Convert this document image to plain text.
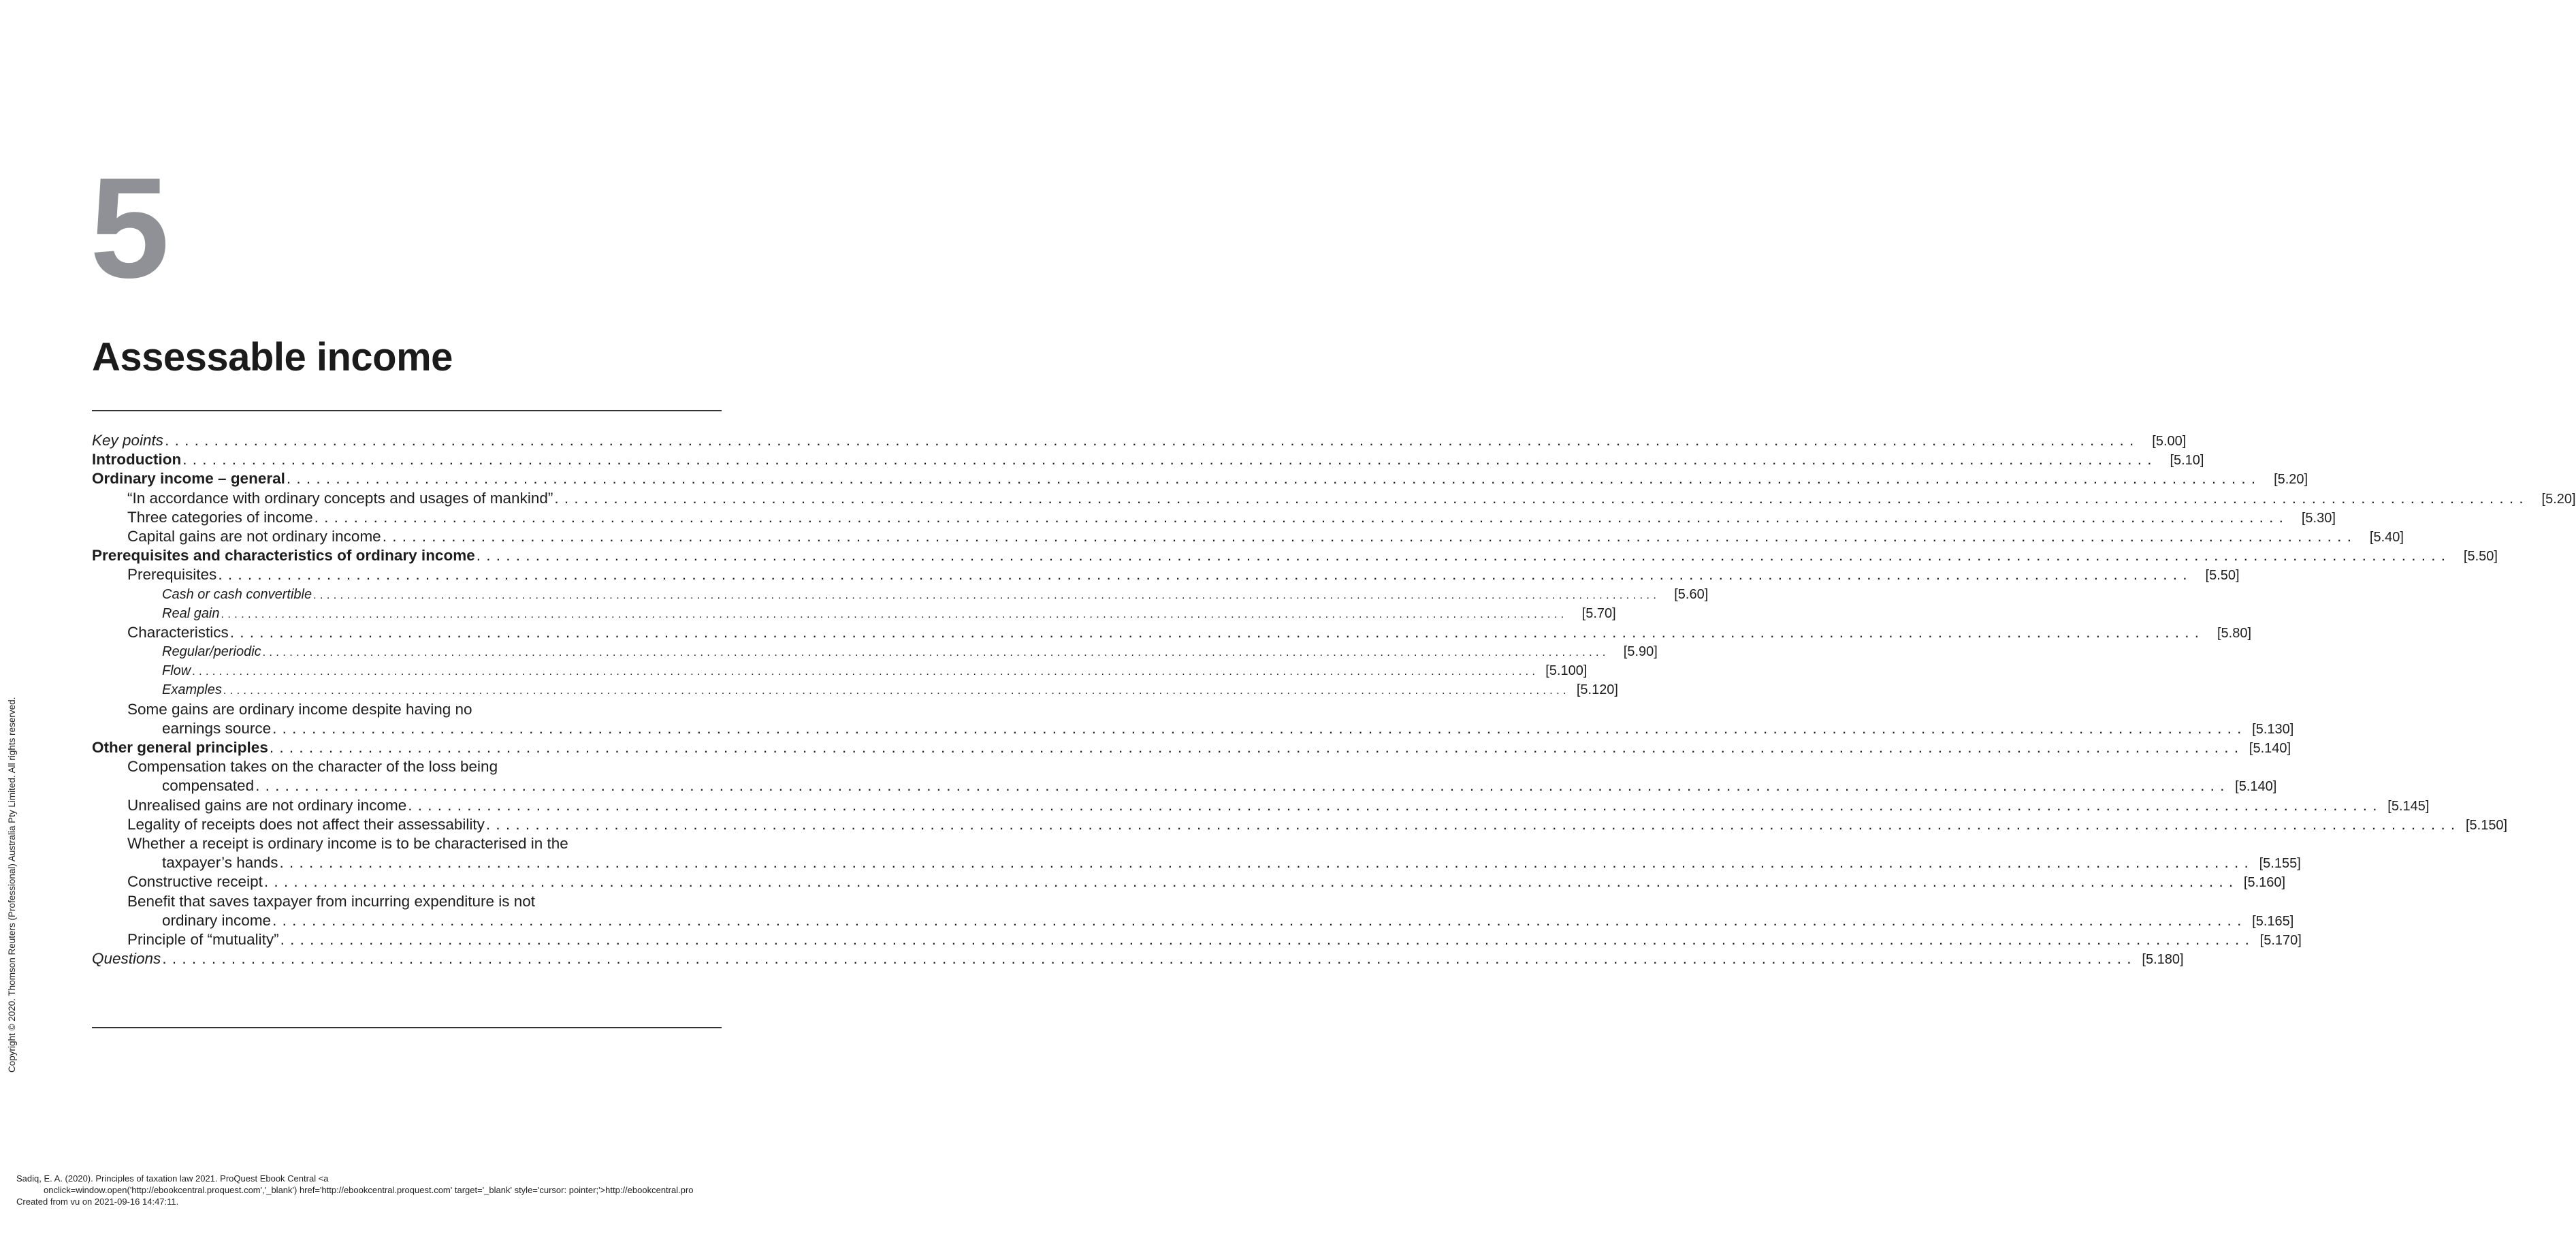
5
Assessable income
Key points . . . . . . . . . . . . . . . . . . . . . . . . . . . . . . . . . . . . . . . . . . . . . . . . . . . . . . . . . . . . . . . . . . . . . . . . . . . . . . . . . . . . . . . . . . . . . . . . . . . . . . . . . . . . . . . . . . . . . . . . . . . . . . . . . . . . . . . . . . . . . . . . . . . . . . . . . . . . . . . . . . . . . . . . . . . . . . . . . . . . . . . . . . . . . . . . . . . . . . . .	[5.00]
Introduction . . . . . . . . . . . . . . . . . . . . . . . . . . . . . . . . . . . . . . . . . . . . . . . . . . . . . . . . . . . . . . . . . . . . . . . . . . . . . . . . . . . . . . . . . . . . . . . . . . . . . . . . . . . . . . . . . . . . . . . . . . . . . . . . . . . . . . . . . . . . . . . . . . . . . . . . . . . . . . . . . . . . . . . . . . . . . . . . . . . . . . . . . . . . . . . . . . . . . . . .	[5.10]
Ordinary income – general . . . . . . . . . . . . . . . . . . . . . . . . . . . . . . . . . . . . . . . . . . . . . . . . . . . . . . . . . . . . . . . . . . . . . . . . . . . . . . . . . . . . . . . . . . . . . . . . . . . . . . . . . . . . . . . . . . . . . . . . . . . . . . . . . . . . . . . . . . . . . . . . . . . . . . . . . . . . . . . . . . . . . . . . . . . . . . . . . . . . . . . . . . . . . . . . . . . . . . . .	[5.20]
“In accordance with ordinary concepts and usages of mankind” . . . . . . . . . . . . . . . . . . . . . . . . . . . . . . . . . . . . . . . . . . . . . . . . . . . . . . . . . . . . . . . . . . . . . . . . . . . . . . . . . . . . . . . . . . . . . . . . . . . . . . . . . . . . . . . . . . . . . . . . . . . . . . . . . . . . . . . . . . . . . . . . . . . . . . . . . . . . . . . . . . . . . . . . . . . . . . . . . . . . . . . . . . . . . . . . . . . . . . . .	[5.20]
Three categories of income . . . . . . . . . . . . . . . . . . . . . . . . . . . . . . . . . . . . . . . . . . . . . . . . . . . . . . . . . . . . . . . . . . . . . . . . . . . . . . . . . . . . . . . . . . . . . . . . . . . . . . . . . . . . . . . . . . . . . . . . . . . . . . . . . . . . . . . . . . . . . . . . . . . . . . . . . . . . . . . . . . . . . . . . . . . . . . . . . . . . . . . . . . . . . . . . . . . . . . . .	[5.30]
Capital gains are not ordinary income . . . . . . . . . . . . . . . . . . . . . . . . . . . . . . . . . . . . . . . . . . . . . . . . . . . . . . . . . . . . . . . . . . . . . . . . . . . . . . . . . . . . . . . . . . . . . . . . . . . . . . . . . . . . . . . . . . . . . . . . . . . . . . . . . . . . . . . . . . . . . . . . . . . . . . . . . . . . . . . . . . . . . . . . . . . . . . . . . . . . . . . . . . . . . . . . . . . . . . . .	[5.40]
Prerequisites and characteristics of ordinary income . . . . . . . . . . . . . . . . . . . . . . . . . . . . . . . . . . . . . . . . . . . . . . . . . . . . . . . . . . . . . . . . . . . . . . . . . . . . . . . . . . . . . . . . . . . . . . . . . . . . . . . . . . . . . . . . . . . . . . . . . . . . . . . . . . . . . . . . . . . . . . . . . . . . . . . . . . . . . . . . . . . . . . . . . . . . . . . . . . . . . . . . . . . . . . . . . . . . . . . .	[5.50]
Prerequisites . . . . . . . . . . . . . . . . . . . . . . . . . . . . . . . . . . . . . . . . . . . . . . . . . . . . . . . . . . . . . . . . . . . . . . . . . . . . . . . . . . . . . . . . . . . . . . . . . . . . . . . . . . . . . . . . . . . . . . . . . . . . . . . . . . . . . . . . . . . . . . . . . . . . . . . . . . . . . . . . . . . . . . . . . . . . . . . . . . . . . . . . . . . . . . . . . . . . . . . .	[5.50]
Cash or cash convertible . . . . . . . . . . . . . . . . . . . . . . . . . . . . . . . . . . . . . . . . . . . . . . . . . . . . . . . . . . . . . . . . . . . . . . . . . . . . . . . . . . . . . . . . . . . . . . . . . . . . . . . . . . . . . . . . . . . . . . . . . . . . . . . . . . . . . . . . . . . . . . . . . . . . . . . . . . . . . . . . . . . . . . . . . . . . . . . . . . . . . . . . . . . . . . . . . . . . . . . .	[5.60]
Real gain . . . . . . . . . . . . . . . . . . . . . . . . . . . . . . . . . . . . . . . . . . . . . . . . . . . . . . . . . . . . . . . . . . . . . . . . . . . . . . . . . . . . . . . . . . . . . . . . . . . . . . . . . . . . . . . . . . . . . . . . . . . . . . . . . . . . . . . . . . . . . . . . . . . . . . . . . . . . . . . . . . . . . . . . . . . . . . . . . . . . . . . . . . . . . . . . . . . . . . . .	[5.70]
Characteristics . . . . . . . . . . . . . . . . . . . . . . . . . . . . . . . . . . . . . . . . . . . . . . . . . . . . . . . . . . . . . . . . . . . . . . . . . . . . . . . . . . . . . . . . . . . . . . . . . . . . . . . . . . . . . . . . . . . . . . . . . . . . . . . . . . . . . . . . . . . . . . . . . . . . . . . . . . . . . . . . . . . . . . . . . . . . . . . . . . . . . . . . . . . . . . . . . . . . . . . .	[5.80]
Regular/periodic . . . . . . . . . . . . . . . . . . . . . . . . . . . . . . . . . . . . . . . . . . . . . . . . . . . . . . . . . . . . . . . . . . . . . . . . . . . . . . . . . . . . . . . . . . . . . . . . . . . . . . . . . . . . . . . . . . . . . . . . . . . . . . . . . . . . . . . . . . . . . . . . . . . . . . . . . . . . . . . . . . . . . . . . . . . . . . . . . . . . . . . . . . . . . . . . . . . . . . . .	[5.90]
Flow . . . . . . . . . . . . . . . . . . . . . . . . . . . . . . . . . . . . . . . . . . . . . . . . . . . . . . . . . . . . . . . . . . . . . . . . . . . . . . . . . . . . . . . . . . . . . . . . . . . . . . . . . . . . . . . . . . . . . . . . . . . . . . . . . . . . . . . . . . . . . . . . . . . . . . . . . . . . . . . . . . . . . . . . . . . . . . . . . . . . . . . . . . . . . . . . . . . . . . . . [5.100]
Examples . . . . . . . . . . . . . . . . . . . . . . . . . . . . . . . . . . . . . . . . . . . . . . . . . . . . . . . . . . . . . . . . . . . . . . . . . . . . . . . . . . . . . . . . . . . . . . . . . . . . . . . . . . . . . . . . . . . . . . . . . . . . . . . . . . . . . . . . . . . . . . . . . . . . . . . . . . . . . . . . . . . . . . . . . . . . . . . . . . . . . . . . . . . . . . . . . . . . . . . . [5.120]
Some gains are ordinary income despite having no
earnings source . . . . . . . . . . . . . . . . . . . . . . . . . . . . . . . . . . . . . . . . . . . . . . . . . . . . . . . . . . . . . . . . . . . . . . . . . . . . . . . . . . . . . . . . . . . . . . . . . . . . . . . . . . . . . . . . . . . . . . . . . . . . . . . . . . . . . . . . . . . . . . . . . . . . . . . . . . . . . . . . . . . . . . . . . . . . . . . . . . . . . . . . . . . . . . . . . . . . . . . . [5.130]
Other general principles . . . . . . . . . . . . . . . . . . . . . . . . . . . . . . . . . . . . . . . . . . . . . . . . . . . . . . . . . . . . . . . . . . . . . . . . . . . . . . . . . . . . . . . . . . . . . . . . . . . . . . . . . . . . . . . . . . . . . . . . . . . . . . . . . . . . . . . . . . . . . . . . . . . . . . . . . . . . . . . . . . . . . . . . . . . . . . . . . . . . . . . . . . . . . . . . . . . . . . . . [5.140]
Compensation takes on the character of the loss being
compensated . . . . . . . . . . . . . . . . . . . . . . . . . . . . . . . . . . . . . . . . . . . . . . . . . . . . . . . . . . . . . . . . . . . . . . . . . . . . . . . . . . . . . . . . . . . . . . . . . . . . . . . . . . . . . . . . . . . . . . . . . . . . . . . . . . . . . . . . . . . . . . . . . . . . . . . . . . . . . . . . . . . . . . . . . . . . . . . . . . . . . . . . . . . . . . . . . . . . . . . . [5.140]
Unrealised gains are not ordinary income . . . . . . . . . . . . . . . . . . . . . . . . . . . . . . . . . . . . . . . . . . . . . . . . . . . . . . . . . . . . . . . . . . . . . . . . . . . . . . . . . . . . . . . . . . . . . . . . . . . . . . . . . . . . . . . . . . . . . . . . . . . . . . . . . . . . . . . . . . . . . . . . . . . . . . . . . . . . . . . . . . . . . . . . . . . . . . . . . . . . . . . . . . . . . . . . . . . . . . . . [5.145]
Legality of receipts does not affect their assessability . . . . . . . . . . . . . . . . . . . . . . . . . . . . . . . . . . . . . . . . . . . . . . . . . . . . . . . . . . . . . . . . . . . . . . . . . . . . . . . . . . . . . . . . . . . . . . . . . . . . . . . . . . . . . . . . . . . . . . . . . . . . . . . . . . . . . . . . . . . . . . . . . . . . . . . . . . . . . . . . . . . . . . . . . . . . . . . . . . . . . . . . . . . . . . . . . . . . . . . . [5.150]
Whether a receipt is ordinary income is to be characterised in the
taxpayer’s hands . . . . . . . . . . . . . . . . . . . . . . . . . . . . . . . . . . . . . . . . . . . . . . . . . . . . . . . . . . . . . . . . . . . . . . . . . . . . . . . . . . . . . . . . . . . . . . . . . . . . . . . . . . . . . . . . . . . . . . . . . . . . . . . . . . . . . . . . . . . . . . . . . . . . . . . . . . . . . . . . . . . . . . . . . . . . . . . . . . . . . . . . . . . . . . . . . . . . . . . . [5.155]
Constructive receipt . . . . . . . . . . . . . . . . . . . . . . . . . . . . . . . . . . . . . . . . . . . . . . . . . . . . . . . . . . . . . . . . . . . . . . . . . . . . . . . . . . . . . . . . . . . . . . . . . . . . . . . . . . . . . . . . . . . . . . . . . . . . . . . . . . . . . . . . . . . . . . . . . . . . . . . . . . . . . . . . . . . . . . . . . . . . . . . . . . . . . . . . . . . . . . . . . . . . . . . . [5.160]
Benefit that saves taxpayer from incurring expenditure is not
ordinary income . . . . . . . . . . . . . . . . . . . . . . . . . . . . . . . . . . . . . . . . . . . . . . . . . . . . . . . . . . . . . . . . . . . . . . . . . . . . . . . . . . . . . . . . . . . . . . . . . . . . . . . . . . . . . . . . . . . . . . . . . . . . . . . . . . . . . . . . . . . . . . . . . . . . . . . . . . . . . . . . . . . . . . . . . . . . . . . . . . . . . . . . . . . . . . . . . . . . . . . . [5.165]
Principle of “mutuality” . . . . . . . . . . . . . . . . . . . . . . . . . . . . . . . . . . . . . . . . . . . . . . . . . . . . . . . . . . . . . . . . . . . . . . . . . . . . . . . . . . . . . . . . . . . . . . . . . . . . . . . . . . . . . . . . . . . . . . . . . . . . . . . . . . . . . . . . . . . . . . . . . . . . . . . . . . . . . . . . . . . . . . . . . . . . . . . . . . . . . . . . . . . . . . . . . . . . . . . . [5.170]
Questions . . . . . . . . . . . . . . . . . . . . . . . . . . . . . . . . . . . . . . . . . . . . . . . . . . . . . . . . . . . . . . . . . . . . . . . . . . . . . . . . . . . . . . . . . . . . . . . . . . . . . . . . . . . . . . . . . . . . . . . . . . . . . . . . . . . . . . . . . . . . . . . . . . . . . . . . . . . . . . . . . . . . . . . . . . . . . . . . . . . . . . . . . . . . . . . . . . . . . . . . [5.180]
Copyright © 2020. Thomson Reuters (Professional) Australia Pty Limited. All rights reserved.
Sadiq, E. A. (2020). Principles of taxation law 2021. ProQuest Ebook Central <a
onclick=window.open('http://ebookcentral.proquest.com','_blank') href='http://ebookcentral.proquest.com' target='_blank' style='cursor: pointer;'>http://ebookcentral.pro
Created from vu on 2021-09-16 14:47:11.
